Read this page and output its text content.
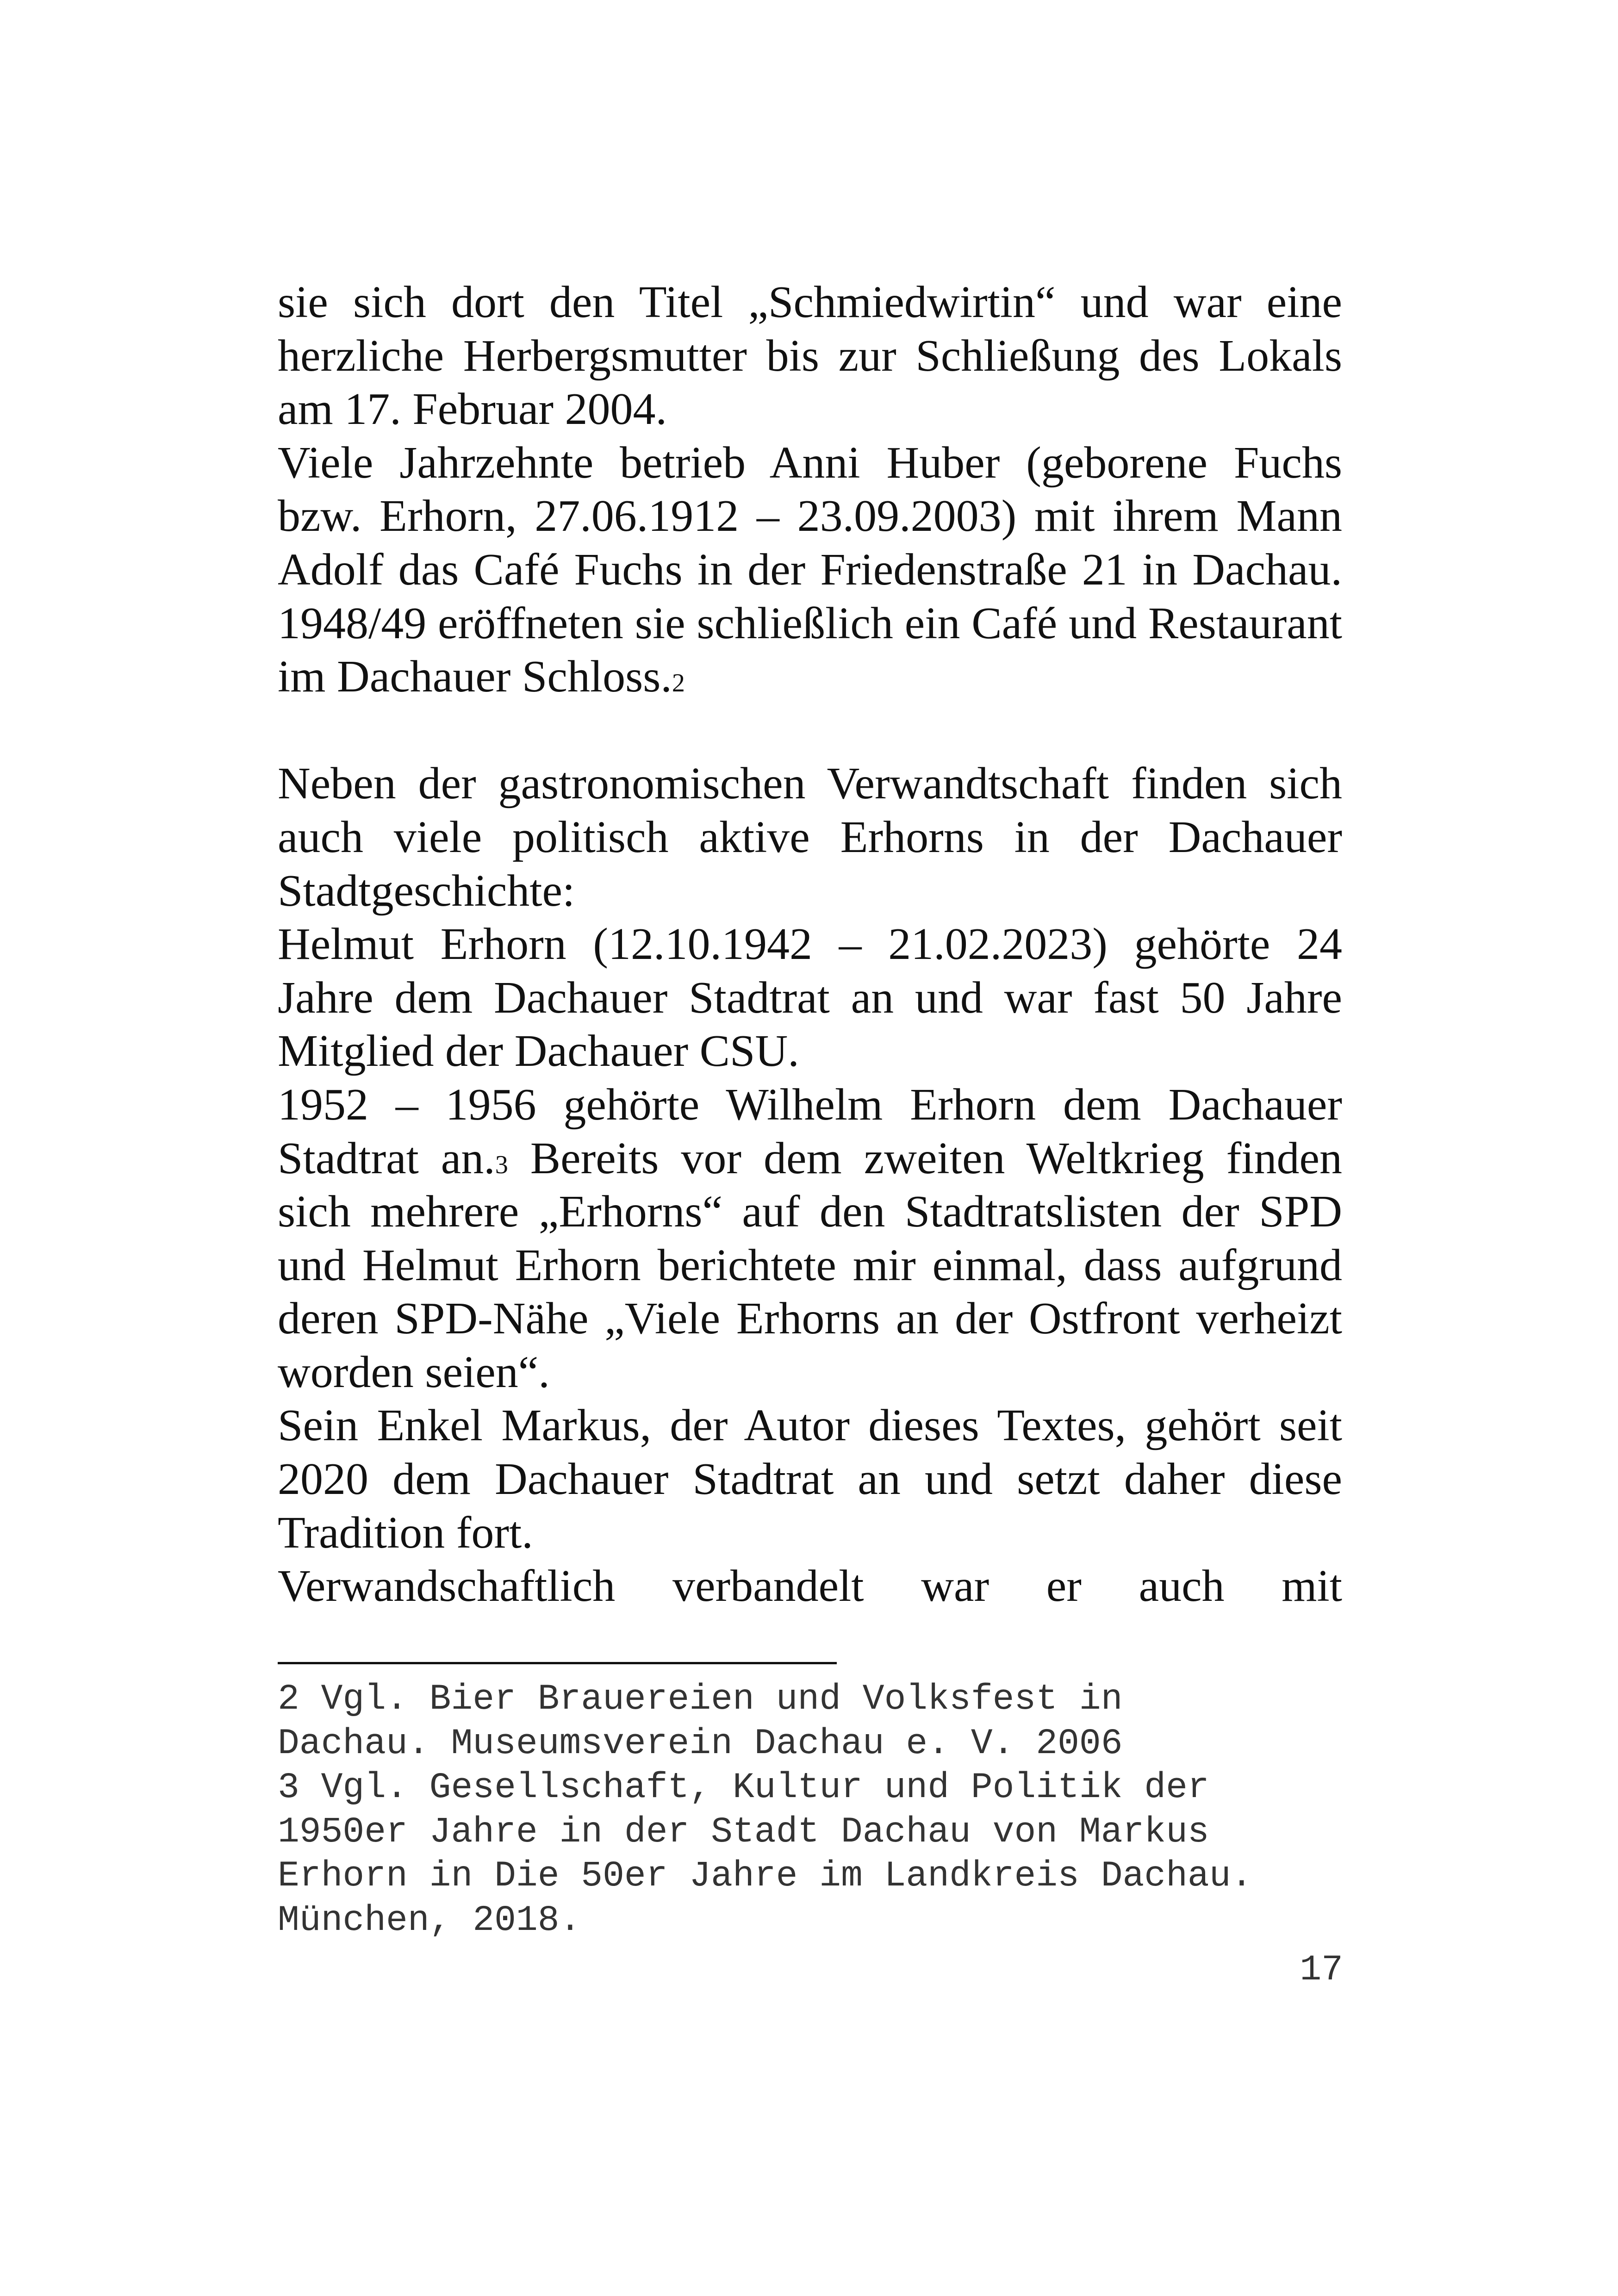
sie sich dort den Titel „Schmiedwirtin“ und war eine herzliche Herbergsmutter bis zur Schließung des Lokals am 17. Februar 2004.

Viele Jahrzehnte betrieb Anni Huber (geborene Fuchs bzw. Erhorn, 27.06.1912 – 23.09.2003) mit ihrem Mann Adolf das Café Fuchs in der Friedenstraße 21 in Dachau. 1948/49 eröffneten sie schließlich ein Café und Restaurant im Dachauer Schloss.2

Neben der gastronomischen Verwandtschaft finden sich auch viele politisch aktive Erhorns in der Dachauer Stadtgeschichte:

Helmut Erhorn (12.10.1942 – 21.02.2023) gehörte 24 Jahre dem Dachauer Stadtrat an und war fast 50 Jahre Mitglied der Dachauer CSU.

1952 – 1956 gehörte Wilhelm Erhorn dem Dachauer Stadtrat an.3 Bereits vor dem zweiten Weltkrieg finden sich mehrere „Erhorns“ auf den Stadtratslisten der SPD und Helmut Erhorn berichtete mir einmal, dass aufgrund deren SPD-Nähe „Viele Erhorns an der Ostfront verheizt worden seien“.

Sein Enkel Markus, der Autor dieses Textes, gehört seit 2020 dem Dachauer Stadtrat an und setzt daher diese Tradition fort.

Verwandschaftlich verbandelt war er auch mit

2 Vgl. Bier Brauereien und Volksfest in
Dachau. Museumsverein Dachau e. V. 2006

3 Vgl. Gesellschaft, Kultur und Politik der
1950er Jahre in der Stadt Dachau von Markus
Erhorn in Die 50er Jahre im Landkreis Dachau.
München, 2018.

17
